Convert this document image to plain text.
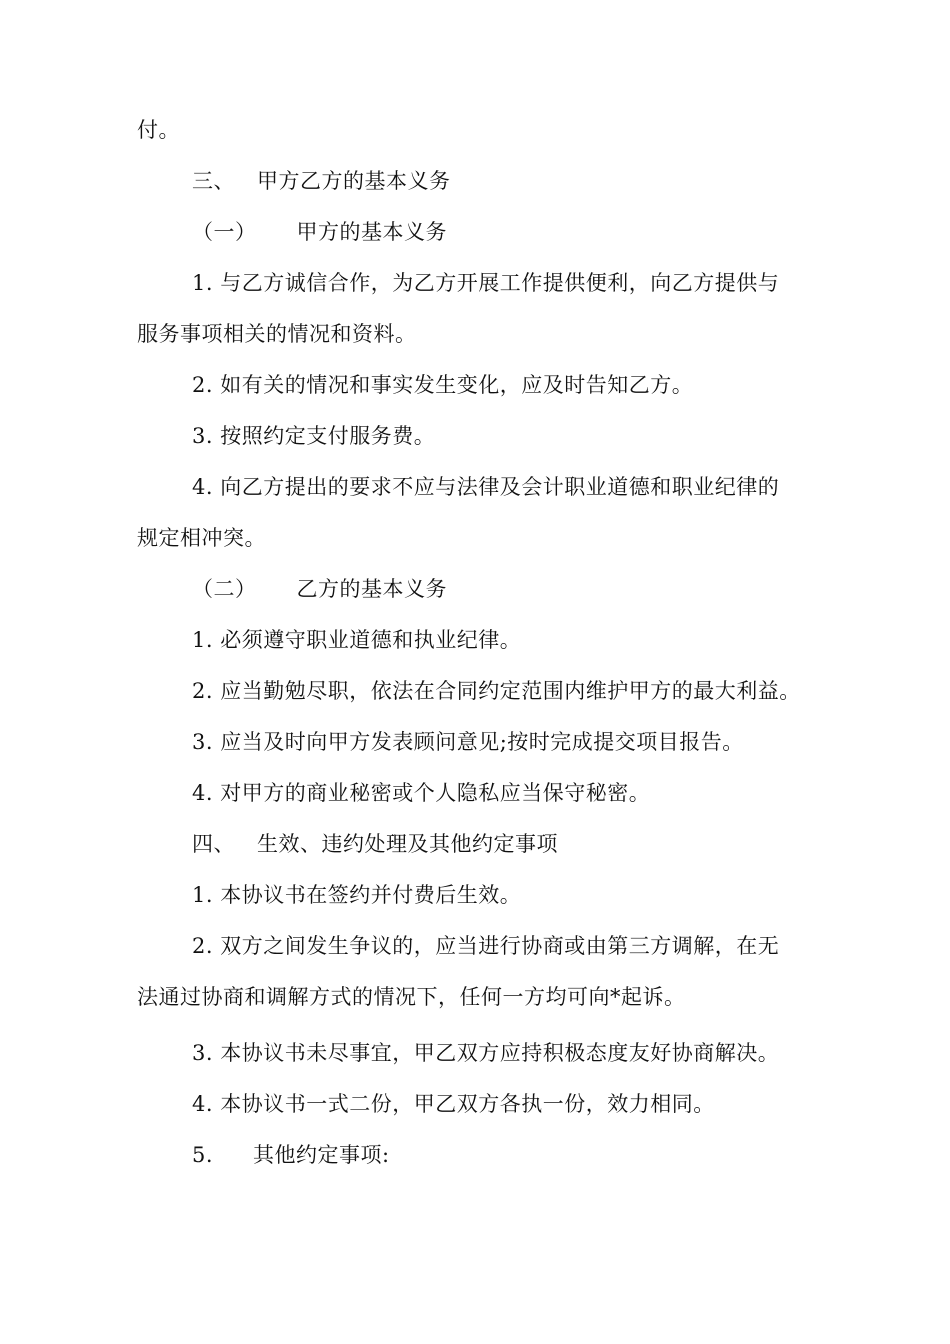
付。
三、 甲方乙方的基本义务
（一） 甲方的基本义务
1. 与乙方诚信合作，为乙方开展工作提供便利，向乙方提供与
服务事项相关的情况和资料。
2. 如有关的情况和事实发生变化，应及时告知乙方。
3. 按照约定支付服务费。
4. 向乙方提出的要求不应与法律及会计职业道德和职业纪律的
规定相冲突。
（二） 乙方的基本义务
1. 必须遵守职业道德和执业纪律。
2. 应当勤勉尽职，依法在合同约定范围内维护甲方的最大利益。
3. 应当及时向甲方发表顾问意见;按时完成提交项目报告。
4. 对甲方的商业秘密或个人隐私应当保守秘密。
四、 生效、违约处理及其他约定事项
1. 本协议书在签约并付费后生效。
2. 双方之间发生争议的，应当进行协商或由第三方调解，在无
法通过协商和调解方式的情况下，任何一方均可向*起诉。
3. 本协议书未尽事宜，甲乙双方应持积极态度友好协商解决。
4. 本协议书一式二份，甲乙双方各执一份，效力相同。
5. 其他约定事项:
